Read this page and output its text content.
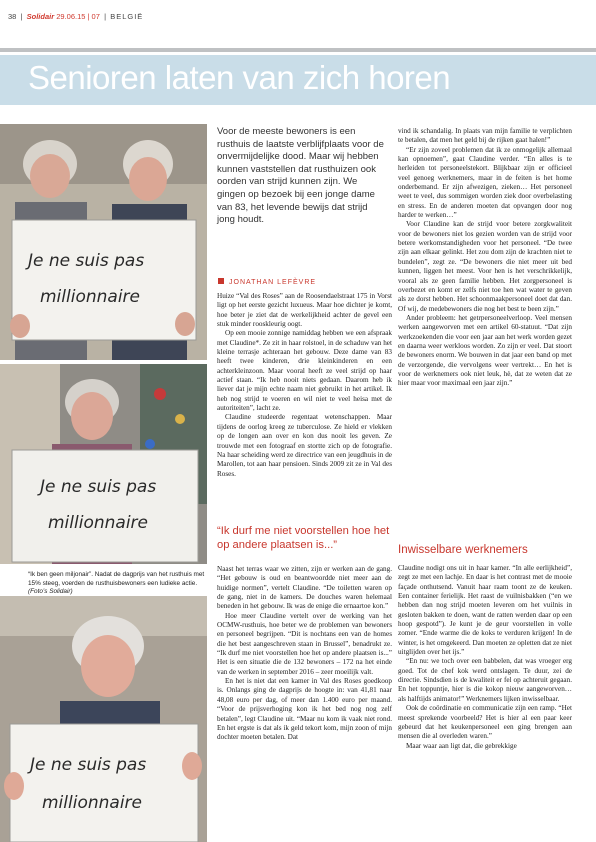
38  |  Solidair 29.06.15 | 07  |  BELGIË
Senioren laten van zich horen
Je ne suis pas
millionnaire
Je ne suis pas
millionnaire
“Ik ben geen miljonair”. Nadat de dagprijs van het rusthuis met 15% steeg, voerden de rusthuisbewoners een ludieke actie. (Foto’s Solidair)
Je ne suis pas
millionnaire
Voor de meeste bewoners is een rusthuis de laatste verblijfplaats voor de onvermijdelijke dood. Maar wij hebben kunnen vaststellen dat rusthuizen ook oorden van strijd kunnen zijn. We gingen op bezoek bij een jonge dame van 83, het levende bewijs dat strijd jong houdt.
JONATHAN LEFÈVRE

Huize “Val des Roses” aan de Roosendaelstraat 175 in Vorst ligt op het eerste gezicht luxueus. Maar hoe dichter je komt, hoe beter je ziet dat de werkelijkheid achter de gevel een stuk minder rooskleurig oogt.

Op een mooie zonnige namiddag hebben we een afspraak met Claudine*. Ze zit in haar rolstoel, in de schaduw van het kleine terrasje achteraan het gebouw. Deze dame van 83 heeft twee kinderen, drie kleinkinderen en een achterkleinzoon. Maar vooral heeft ze veel strijd op haar actief staan. “Ik heb nooit niets gedaan. Daarom heb ik liever dat je mijn echte naam niet gebruikt in het artikel. Ik heb nog strijd te voeren en wil niet te veel heisa met de autoriteiten”, lacht ze.

Claudine studeerde regentaat wetenschappen. Maar tijdens de oorlog kreeg ze tuberculose. Ze hield er vlekken op de longen aan over en kon dus nooit les geven. Ze trouwde met een fotograaf en stortte zich op de fotografie. Na haar scheiding werd ze directrice van een jeugdhuis in de Marollen, tot aan haar pensioen. Sinds 2009 zit ze in Val des Roses.

“Ik durf me niet voorstellen hoe het op andere plaatsen is...”

Naast het terras waar we zitten, zijn er werken aan de gang. “Het gebouw is oud en beantwoordde niet meer aan de huidige normen”, vertelt Claudine. “De toiletten waren op de gang, niet in de kamers. De douches waren helemaal beneden in het gebouw. Ik was de enige die ernaartoe kon.”

Hoe meer Claudine vertelt over de werking van het OCMW-rusthuis, hoe beter we de problemen van bewoners en personeel begrijpen. “Dit is nochtans een van de homes die het best aangeschreven staan in Brussel”, benadrukt ze. “Ik durf me niet voorstellen hoe het op andere plaatsen is...” Het is een situatie die de 132 bewoners – 172 na het einde van de werken in september 2016 – zeer moeilijk valt.

En het is niet dat een kamer in Val des Roses goedkoop is. Onlangs ging de dagprijs de hoogte in: van 41,81 naar 48,08 euro per dag, of meer dan 1.400 euro per maand. “Voor de prijsverhoging kon ik het bed nog nog zelf betalen”, legt Claudine uit. “Maar nu kom ik vaak niet rond. En het ergste is dat als ik geld tekort kom, mijn zoon of mijn dochter moeten betalen. Dat

vind ik schandalig. In plaats van mijn familie te verplichten te betalen, dat men het geld bij de rijken gaat halen!”

“Er zijn zoveel problemen dat ik ze onmogelijk allemaal kan opnoemen”, gaat Claudine verder. “En alles is te herleiden tot personeelstekort. Blijkbaar zijn er officieel veel genoeg werknemers, maar in de feiten is het home onderbemand. Er zijn afwezigen, zieken… Het personeel weet te veel, dus sommigen worden ziek door overbelasting en stress. En de anderen moeten dat opvangen door nog harder te werken…”

Voor Claudine kan de strijd voor betere zorgkwaliteit voor de bewoners niet los gezien worden van de strijd voor betere werkomstandigheden voor het personeel. “De twee zijn aan elkaar gelinkt. Het zou dom zijn de krachten niet te bundelen”, zegt ze. “De bewoners die niet meer uit bed kunnen, liggen het meest. Voor hen is het verschrikkelijk, vooral als ze geen familie hebben. Het zorgpersoneel is overbezet en komt er zelfs niet toe hen wat water te geven als ze dorst hebben. Het schoonmaakpersoneel doet dat dan. Of wij, de medebewoners die nog het best te been zijn.”

Ander probleem: het getrpersoneelverloop. Veel mensen werken aangeworven met een artikel 60-statuut. “Dat zijn werkzoekenden die voor een jaar aan het werk worden gezet en daarna weer werkloos worden. Zo zijn er veel. Dat stoort de bewoners enorm. We bouwen in dat jaar een band op met de verzorgende, die vervolgens weer vertrekt… En het is voor de werknemers ook niet leuk, hè, dat ze weten dat ze hier maar voor maximaal een jaar zijn.”

Inwisselbare werknemers

Claudine nodigt ons uit in haar kamer. “In alle eerlijkheid”, zegt ze met een lachje. En daar is het contrast met de mooie façade onthutsend. Vanuit haar raam toont ze de keuken. Een container ferielijk. Het raast de vuilnisbakken (“en we hebben dan nog strijd moeten leveren om het vuilnis in gesloten bakken te doen, want de ratten werden daar op een hoop gespotd”). Je kunt je de geur voorstellen in volle zomer. “Ende warme die de koks te verduren krijgen! In de winter, is het omgekeerd. Dan moeten ze opletten dat ze niet uitglijden over het ijs.”

“En nu: we toch over een babbelen, dat was vroeger erg goed. Tot de chef kok werd ontslagen. Te duur, zei de directie. Sindsdien is de kwaliteit er fel op achteruit gegaan. En het toppuntje, hier is die kokop nieuw aangeworven… als halftijds animator!” Werknemers lijken inwisselbaar.

Ook de coördinatie en communicatie zijn een ramp. “Het meest sprekende voorbeeld? Het is hier al een paar keer gebeurd dat het keukenpersoneel een ging brengen aan mensen die al overleden waren.”

Maar waar aan ligt dat, die gebrekkige
